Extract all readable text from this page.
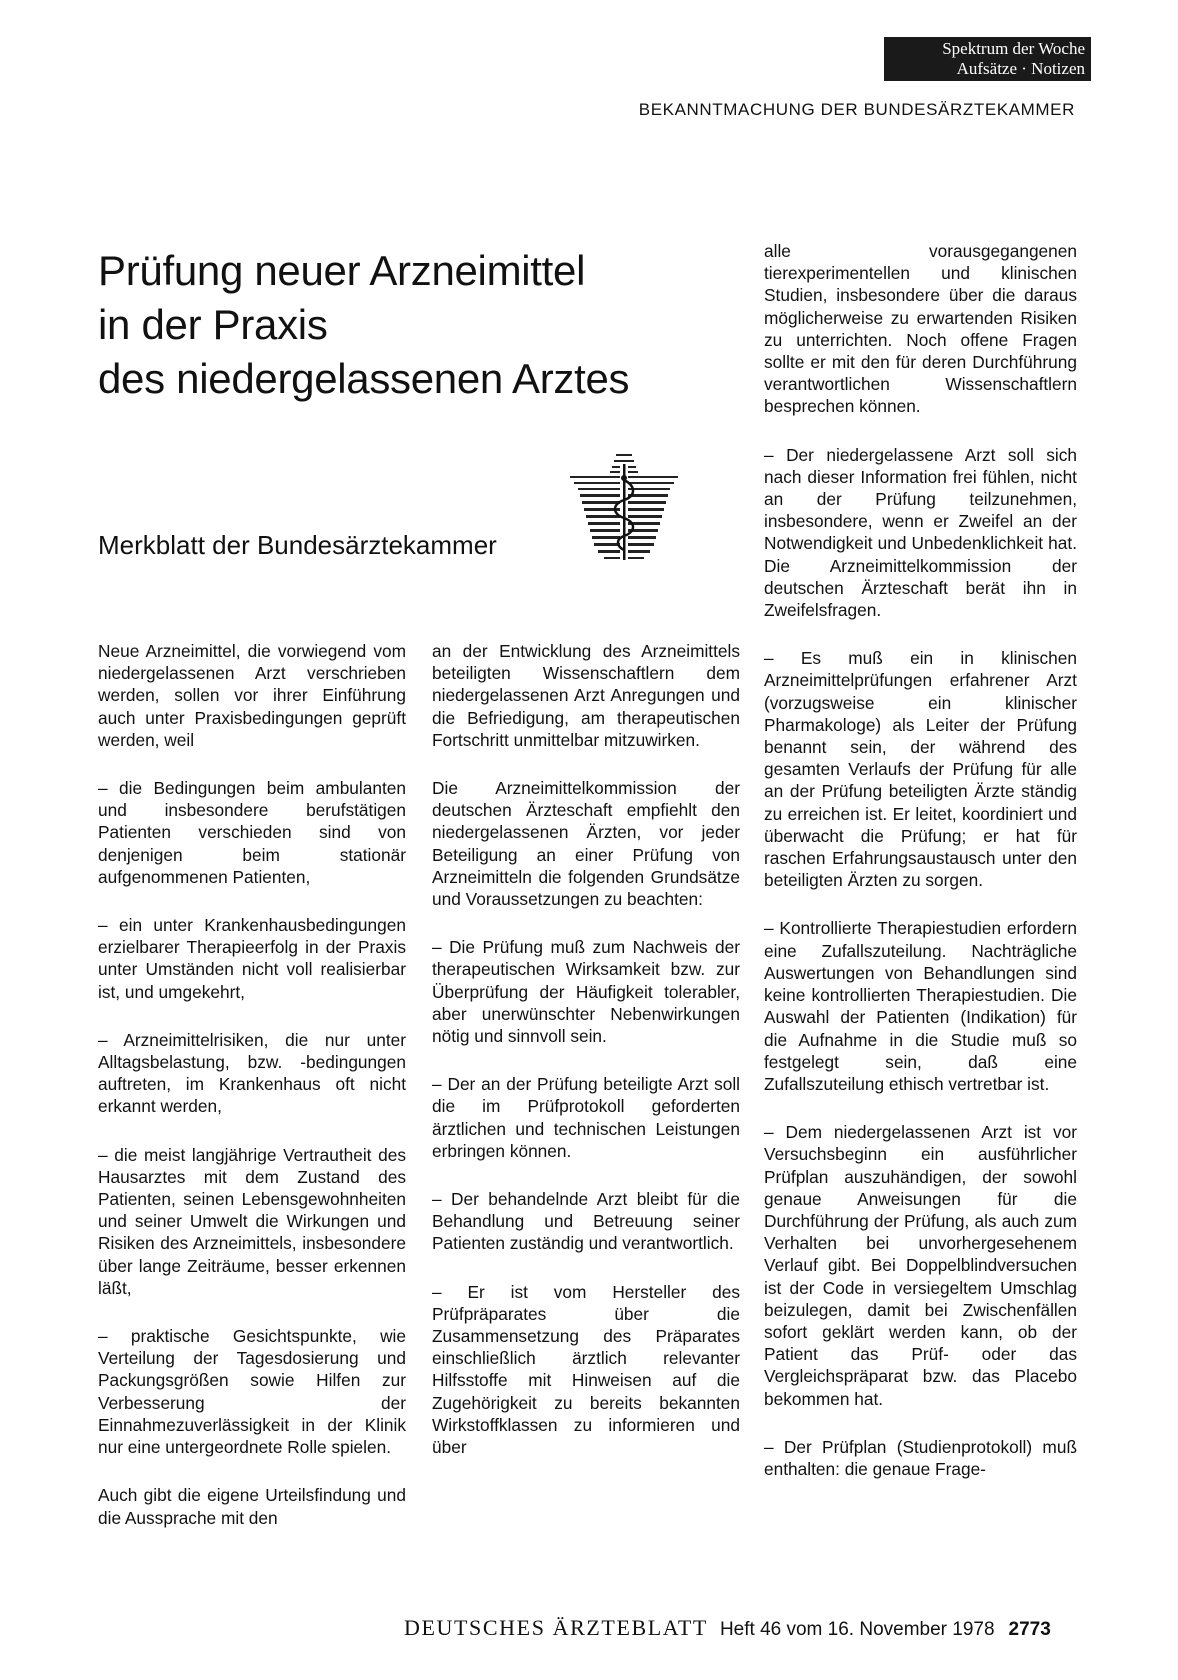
Spektrum der Woche
Aufsätze · Notizen
BEKANNTMACHUNG DER BUNDESÄRZTEKAMMER
Prüfung neuer Arzneimittel
in der Praxis
des niedergelassenen Arztes
Merkblatt der Bundesärztekammer

Neue Arzneimittel, die vorwiegend vom niedergelassenen Arzt verschrieben werden, sollen vor ihrer Einführung auch unter Praxisbedingungen geprüft werden, weil

– die Bedingungen beim ambulanten und insbesondere berufstätigen Patienten verschieden sind von denjenigen beim stationär aufgenommenen Patienten,

– ein unter Krankenhausbedingungen erzielbarer Therapieerfolg in der Praxis unter Umständen nicht voll realisierbar ist, und umgekehrt,

– Arzneimittelrisiken, die nur unter Alltagsbelastung, bzw. -bedingungen auftreten, im Krankenhaus oft nicht erkannt werden,

– die meist langjährige Vertrautheit des Hausarztes mit dem Zustand des Patienten, seinen Lebensgewohnheiten und seiner Umwelt die Wirkungen und Risiken des Arzneimittels, insbesondere über lange Zeiträume, besser erkennen läßt,

– praktische Gesichtspunkte, wie Verteilung der Tagesdosierung und Packungsgrößen sowie Hilfen zur Verbesserung der Einnahmezuverlässigkeit in der Klinik nur eine untergeordnete Rolle spielen.

Auch gibt die eigene Urteilsfindung und die Aussprache mit den

an der Entwicklung des Arzneimittels beteiligten Wissenschaftlern dem niedergelassenen Arzt Anregungen und die Befriedigung, am therapeutischen Fortschritt unmittelbar mitzuwirken.

Die Arzneimittelkommission der deutschen Ärzteschaft empfiehlt den niedergelassenen Ärzten, vor jeder Beteiligung an einer Prüfung von Arzneimitteln die folgenden Grundsätze und Voraussetzungen zu beachten:

– Die Prüfung muß zum Nachweis der therapeutischen Wirksamkeit bzw. zur Überprüfung der Häufigkeit tolerabler, aber unerwünschter Nebenwirkungen nötig und sinnvoll sein.

– Der an der Prüfung beteiligte Arzt soll die im Prüfprotokoll geforderten ärztlichen und technischen Leistungen erbringen können.

– Der behandelnde Arzt bleibt für die Behandlung und Betreuung seiner Patienten zuständig und verantwortlich.

– Er ist vom Hersteller des Prüfpräparates über die Zusammensetzung des Präparates einschließlich ärztlich relevanter Hilfsstoffe mit Hinweisen auf die Zugehörigkeit zu bereits bekannten Wirkstoffklassen zu informieren und über

alle vorausgegangenen tierexperimentellen und klinischen Studien, insbesondere über die daraus möglicherweise zu erwartenden Risiken zu unterrichten. Noch offene Fragen sollte er mit den für deren Durchführung verantwortlichen Wissenschaftlern besprechen können.

– Der niedergelassene Arzt soll sich nach dieser Information frei fühlen, nicht an der Prüfung teilzunehmen, insbesondere, wenn er Zweifel an der Notwendigkeit und Unbedenklichkeit hat. Die Arzneimittelkommission der deutschen Ärzteschaft berät ihn in Zweifelsfragen.

– Es muß ein in klinischen Arzneimittelprüfungen erfahrener Arzt (vorzugsweise ein klinischer Pharmakologe) als Leiter der Prüfung benannt sein, der während des gesamten Verlaufs der Prüfung für alle an der Prüfung beteiligten Ärzte ständig zu erreichen ist. Er leitet, koordiniert und überwacht die Prüfung; er hat für raschen Erfahrungsaustausch unter den beteiligten Ärzten zu sorgen.

– Kontrollierte Therapiestudien erfordern eine Zufallszuteilung. Nachträgliche Auswertungen von Behandlungen sind keine kontrollierten Therapiestudien. Die Auswahl der Patienten (Indikation) für die Aufnahme in die Studie muß so festgelegt sein, daß eine Zufallszuteilung ethisch vertretbar ist.

– Dem niedergelassenen Arzt ist vor Versuchsbeginn ein ausführlicher Prüfplan auszuhändigen, der sowohl genaue Anweisungen für die Durchführung der Prüfung, als auch zum Verhalten bei unvorhergesehenem Verlauf gibt. Bei Doppelblindversuchen ist der Code in versiegeltem Umschlag beizulegen, damit bei Zwischenfällen sofort geklärt werden kann, ob der Patient das Prüf- oder das Vergleichspräparat bzw. das Placebo bekommen hat.

– Der Prüfplan (Studienprotokoll) muß enthalten: die genaue Frage-

DEUTSCHES ÄRZTEBLATT Heft 46 vom 16. November 1978 2773
